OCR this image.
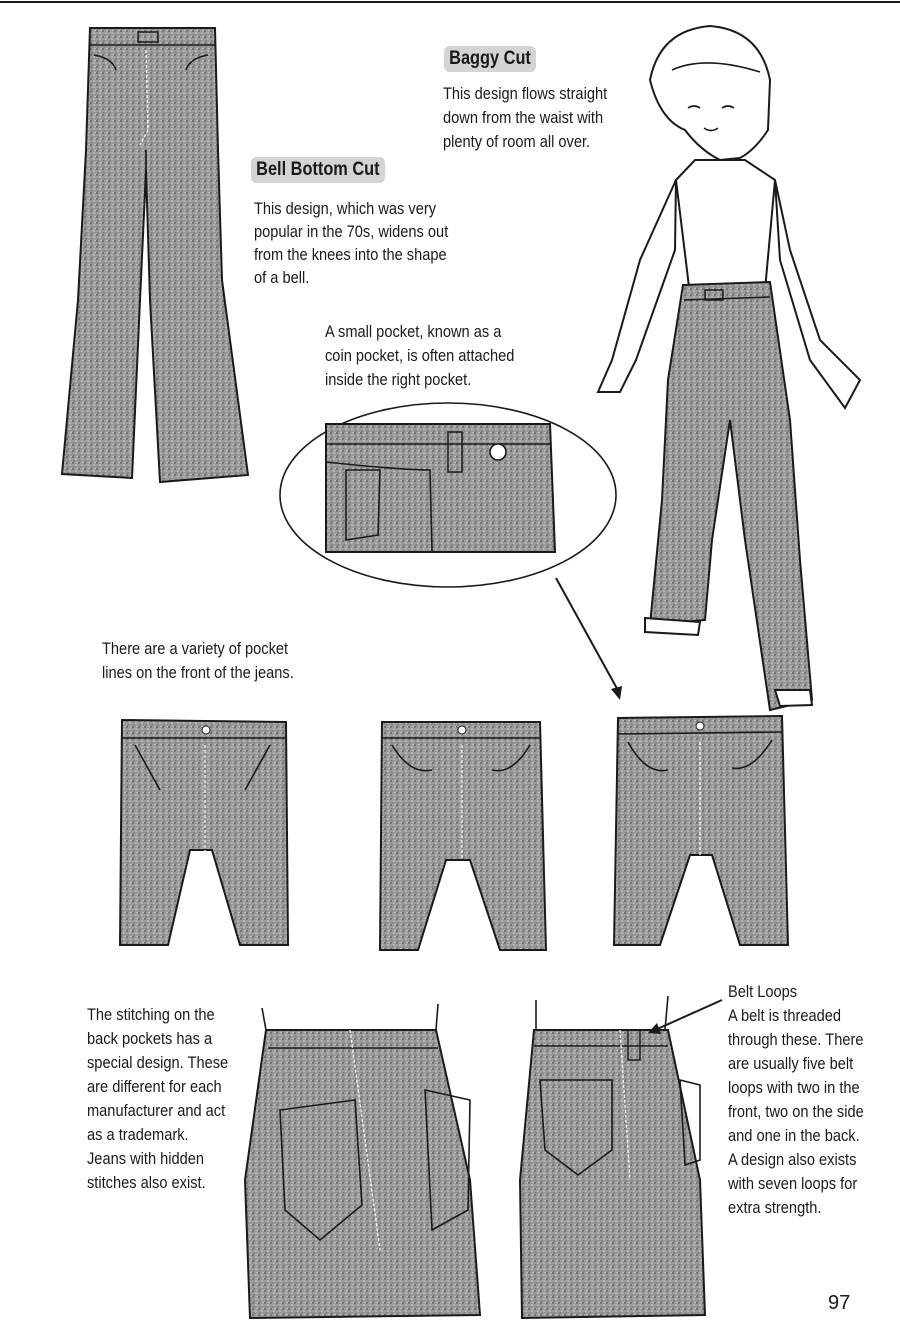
Baggy Cut
This design flows straight
down from the waist with
plenty of room all over.
Bell Bottom Cut
This design, which was very
popular in the 70s, widens out
from the knees into the shape
of a bell.
A small pocket, known as a
coin pocket, is often attached
inside the right pocket.
There are a variety of pocket
lines on the front of the jeans.
The stitching on the
back pockets has a
special design. These
are different for each
manufacturer and act
as a trademark.
Jeans with hidden
stitches also exist.
Belt Loops
A belt is threaded
through these. There
are usually five belt
loops with two in the
front, two on the side
and one in the back.
A design also exists
with seven loops for
extra strength.
97
